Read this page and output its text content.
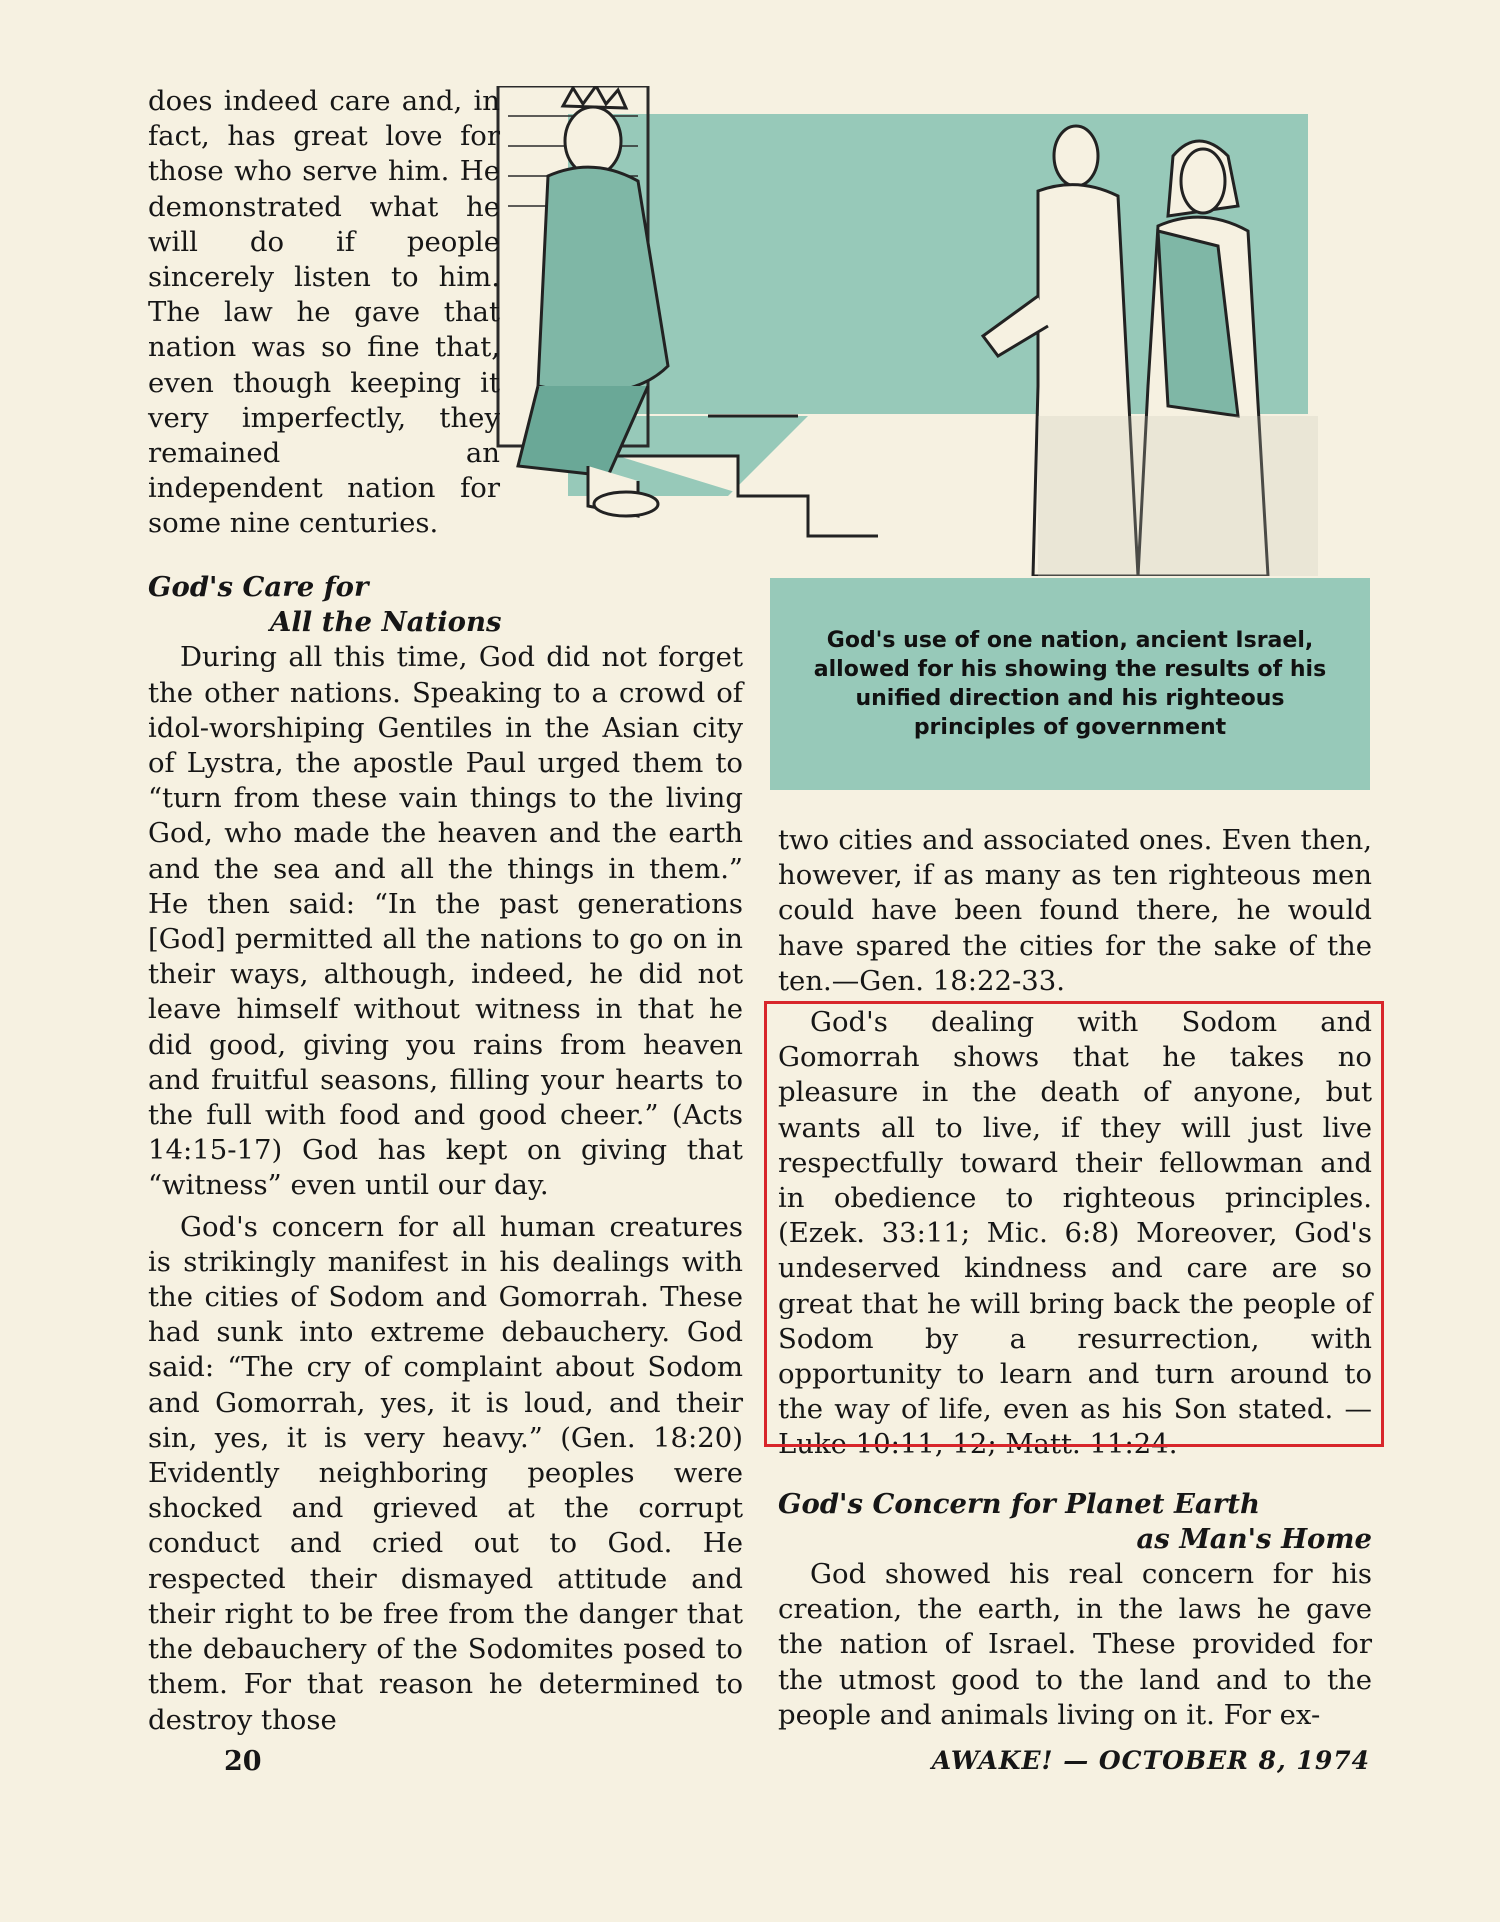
God's use of one nation, ancient Israel, allowed for his showing the results of his unified direction and his righteous principles of government

does indeed care and, in fact, has great love for those who serve him. He demonstrated what he will do if people sincerely listen to him. The law he gave that nation was so fine that, even though keeping it very imperfectly, they remained an independent nation for some nine centuries.

God's Care for
All the Nations

During all this time, God did not forget the other nations. Speaking to a crowd of idol-worshiping Gentiles in the Asian city of Lystra, the apostle Paul urged them to “turn from these vain things to the living God, who made the heaven and the earth and the sea and all the things in them.” He then said: “In the past generations [God] permitted all the nations to go on in their ways, although, indeed, he did not leave himself without witness in that he did good, giving you rains from heaven and fruitful seasons, filling your hearts to the full with food and good cheer.” (Acts 14:15-17) God has kept on giving that “witness” even until our day.

God's concern for all human creatures is strikingly manifest in his dealings with the cities of Sodom and Gomorrah. These had sunk into extreme debauchery. God said: “The cry of complaint about Sodom and Gomorrah, yes, it is loud, and their sin, yes, it is very heavy.” (Gen. 18:20) Evidently neighboring peoples were shocked and grieved at the corrupt conduct and cried out to God. He respected their dismayed attitude and their right to be free from the danger that the debauchery of the Sodomites posed to them. For that reason he determined to destroy those

two cities and associated ones. Even then, however, if as many as ten righteous men could have been found there, he would have spared the cities for the sake of the ten.—Gen. 18:22-33.

God's dealing with Sodom and Gomorrah shows that he takes no pleasure in the death of anyone, but wants all to live, if they will just live respectfully toward their fellowman and in obedience to righteous principles. (Ezek. 33:11; Mic. 6:8) Moreover, God's undeserved kindness and care are so great that he will bring back the people of Sodom by a resurrection, with opportunity to learn and turn around to the way of life, even as his Son stated. —Luke 10:11, 12; Matt. 11:24.

God's Concern for Planet Earth
as Man's Home

God showed his real concern for his creation, the earth, in the laws he gave the nation of Israel. These provided for the utmost good to the land and to the people and animals living on it. For ex-

20	AWAKE! — OCTOBER 8, 1974
